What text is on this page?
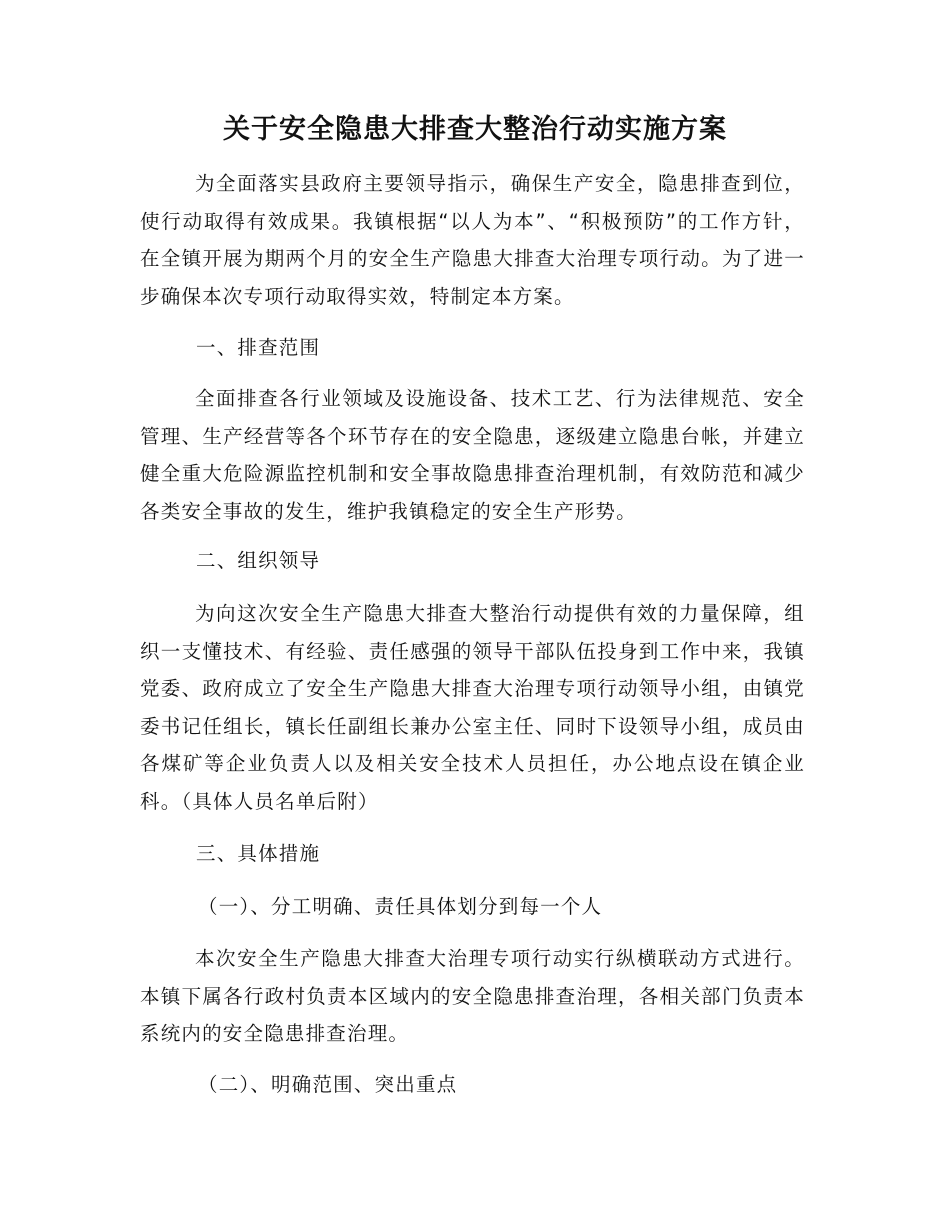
关于安全隐患大排查大整治行动实施方案

为全面落实县政府主要领导指示，确保生产安全，隐患排查到位，使行动取得有效成果。我镇根据“以人为本”、“积极预防”的工作方针，在全镇开展为期两个月的安全生产隐患大排查大治理专项行动。为了进一步确保本次专项行动取得实效，特制定本方案。

一、排查范围

全面排查各行业领域及设施设备、技术工艺、行为法律规范、安全管理、生产经营等各个环节存在的安全隐患，逐级建立隐患台帐，并建立健全重大危险源监控机制和安全事故隐患排查治理机制，有效防范和减少各类安全事故的发生，维护我镇稳定的安全生产形势。

二、组织领导

为向这次安全生产隐患大排查大整治行动提供有效的力量保障，组织一支懂技术、有经验、责任感强的领导干部队伍投身到工作中来，我镇党委、政府成立了安全生产隐患大排查大治理专项行动领导小组，由镇党委书记任组长，镇长任副组长兼办公室主任、同时下设领导小组，成员由各煤矿等企业负责人以及相关安全技术人员担任，办公地点设在镇企业科。（具体人员名单后附）

三、具体措施

（一）、分工明确、责任具体划分到每一个人

本次安全生产隐患大排查大治理专项行动实行纵横联动方式进行。本镇下属各行政村负责本区域内的安全隐患排查治理，各相关部门负责本系统内的安全隐患排查治理。

（二）、明确范围、突出重点
